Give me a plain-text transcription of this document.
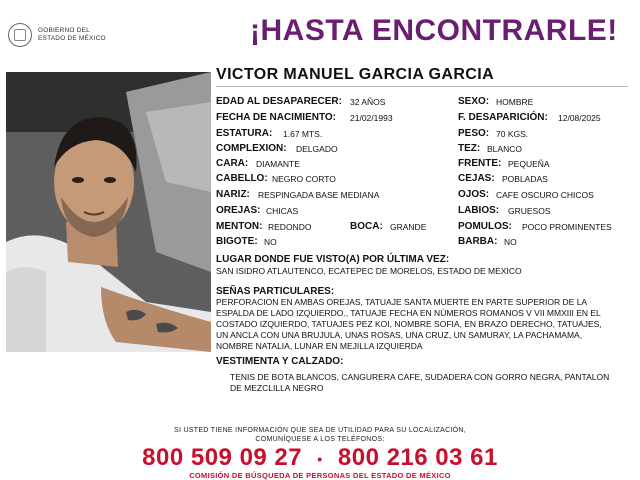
GOBIERNO DEL
ESTADO DE MÉXICO	¡HASTA ENCONTRARLE!
VICTOR MANUEL GARCIA GARCIA
EDAD AL DESAPARECER: 32 AÑOS
FECHA DE NACIMIENTO: 21/02/1993
ESTATURA: 1.67 MTS.
COMPLEXION: DELGADO
CARA: DIAMANTE
CABELLO: NEGRO CORTO
NARIZ: RESPINGADA BASE MEDIANA
OREJAS: CHICAS
MENTON: REDONDO	BOCA: GRANDE
BIGOTE: NO
SEXO: HOMBRE
F. DESAPARICIÓN: 12/08/2025
PESO: 70 KGS.
TEZ: BLANCO
FRENTE: PEQUEÑA
CEJAS: POBLADAS
OJOS: CAFE OSCURO CHICOS
LABIOS: GRUESOS
POMULOS: POCO PROMINENTES
BARBA: NO
LUGAR DONDE FUE VISTO(A) POR ÚLTIMA VEZ:
SAN ISIDRO ATLAUTENCO, ECATEPEC DE MORELOS, ESTADO DE MEXICO
SEÑAS PARTICULARES:
PERFORACION EN AMBAS OREJAS, TATUAJE SANTA MUERTE EN PARTE SUPERIOR DE LA ESPALDA DE LADO IZQUIERDO., TATUAJE FECHA EN NÚMEROS ROMANOS V VII MMXIII EN EL COSTADO IZQUIERDO, TATUAJES PEZ KOI, NOMBRE SOFIA, EN BRAZO DERECHO, TATUAJES, UN ANCLA CON UNA BRUJULA, UNAS ROSAS, UNA CRUZ, UN SAMURAY, LA PACHAMAMA, NOMBRE NATALIA, LUNAR EN MEJILLA IZQUIERDA
VESTIMENTA Y CALZADO:
TENIS DE BOTA BLANCOS, CANGURERA CAFE, SUDADERA CON GORRO NEGRA, PANTALON DE MEZCLILLA NEGRO
SI USTED TIENE INFORMACIÓN QUE SEA DE UTILIDAD PARA SU LOCALIZACIÓN,
COMUNÍQUESE A LOS TELÉFONOS:
800 509 09 27 • 800 216 03 61
COMISIÓN DE BÚSQUEDA DE PERSONAS DEL ESTADO DE MÉXICO
